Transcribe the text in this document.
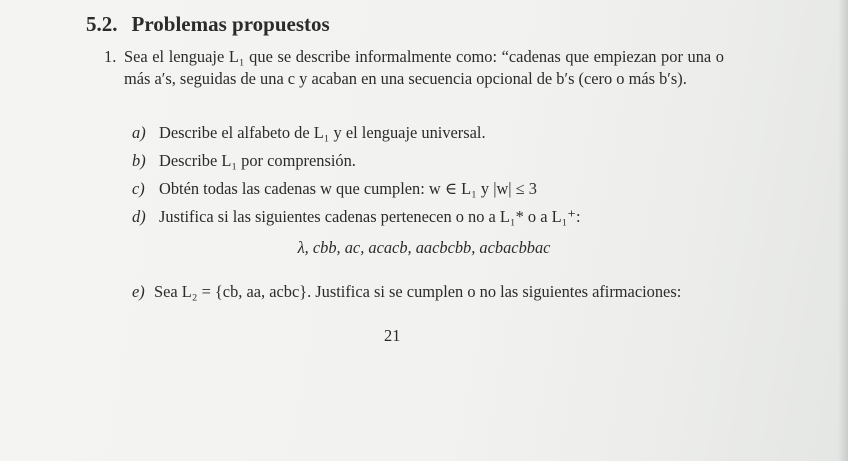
5.2. Problemas propuestos
1. Sea el lenguaje L₁ que se describe informalmente como: “cadenas que empiezan por una o más a′s, seguidas de una c y acaban en una secuencia opcional de b′s (cero o más b′s).
a) Describe el alfabeto de L₁ y el lenguaje universal.
b) Describe L₁ por comprensión.
c) Obtén todas las cadenas w que cumplen: w ∈ L₁ y |w| ≤ 3
d) Justifica si las siguientes cadenas pertenecen o no a L₁* o a L₁⁺:
λ, cbb, ac, acacb, aacbcbb, acbacbbac
e) Sea L₂ = {cb, aa, acbc}. Justifica si se cumplen o no las siguientes afirmaciones:
21
